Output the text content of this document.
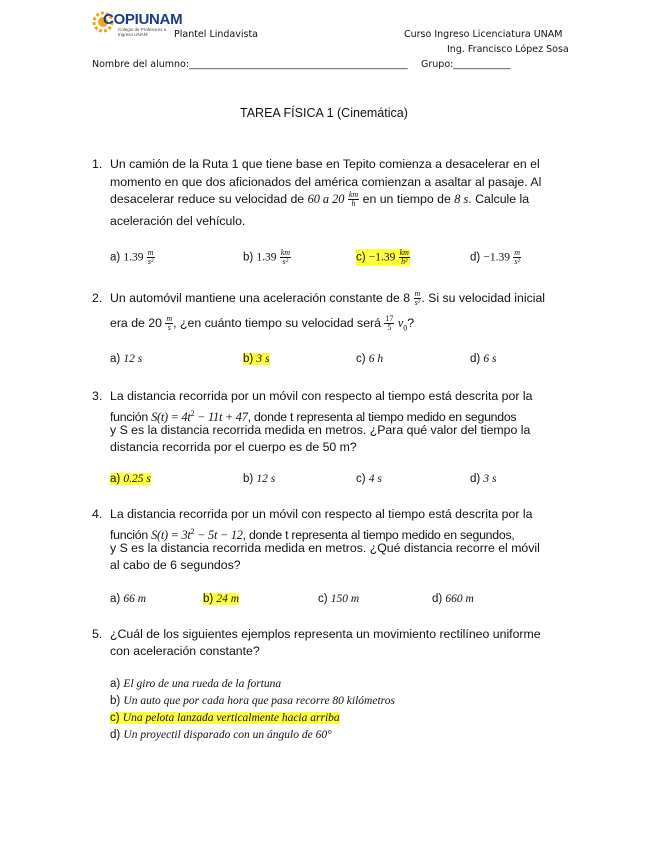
COPIUNAM
Colegio de Profesores a Ingreso UNAM	Plantel Lindavista	Curso Ingreso Licenciatura UNAM
Ing. Francisco López Sosa
Nombre del alumno:______________________________________________ Grupo:____________
TAREA FÍSICA 1 (Cinemática)
1. Un camión de la Ruta 1 que tiene base en Tepito comienza a desacelerar en el
momento en que dos aficionados del américa comienzan a asaltar al pasaje. Al
desacelerar reduce su velocidad de 60 a $20 \frac{km}{h}$ en un tiempo de 8 s. Calcule la
aceleración del vehículo.
a) $1.39 \frac{m}{\text{s²}}$	b) $1.39 \frac{km}{\text{s²}}$	$c) -1.39 \frac{km}{\text{h²}}$	$d) -1.39 \frac{m}{\text{s²}}$
2. Un automóvil mantiene una aceleración constante de $8 \frac{m}{\text{s²}}$ . Si su velocidad inicial
era de $20 \frac{m}{s}$ , ¿en cuánto tiempo su velocidad será $\frac{17}{5} v_0$?
a) 12 s	b) 3 s	c) 6 h	d) 6 s
3. La distancia recorrida por un móvil con respecto al tiempo está descrita por la
función $S(t) = 4t^2 - 11t + 47$, donde t representa al tiempo medido en segundos
y S es la distancia recorrida medida en metros. ¿Para qué valor del tiempo la
distancia recorrida por el cuerpo es de 50 m?
a) 0.25 s	b) 12 s	c) 4 s	d) 3 s
4. La distancia recorrida por un móvil con respecto al tiempo está descrita por la
función $S(t) = 3t^2 - 5t - 12$, donde t representa al tiempo medido en segundos,
y S es la distancia recorrida medida en metros. ¿Qué distancia recorre el móvil
al cabo de 6 segundos?
a) 66 m	b) 24 m	c) 150 m	d) 660 m
5. ¿Cuál de los siguientes ejemplos representa un movimiento rectilíneo uniforme
con aceleración constante?
a) El giro de una rueda de la fortuna
b) Un auto que por cada hora que pasa recorre 80 kilómetros
c) Una pelota lanzada verticalmente hacia arriba
d) Un proyectil disparado con un ángulo de 60°
